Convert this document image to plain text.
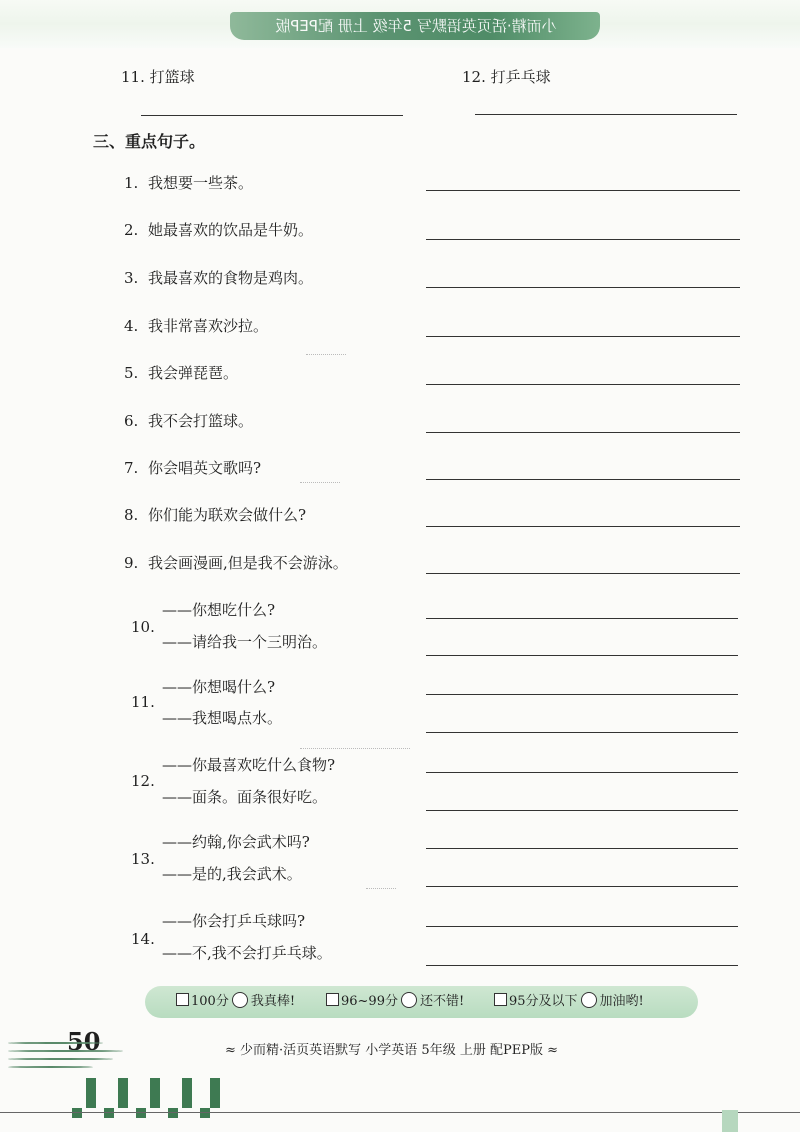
小而精·活页英语默写 5年级 上册 配PEP版
11. 打篮球	12. 打乒乓球
三、重点句子。
1. 我想要一些茶。
2. 她最喜欢的饮品是牛奶。
3. 我最喜欢的食物是鸡肉。
4. 我非常喜欢沙拉。
5. 我会弹琵琶。
6. 我不会打篮球。
7. 你会唱英文歌吗?
8. 你们能为联欢会做什么?
9. 我会画漫画,但是我不会游泳。
10.
——你想吃什么?
——请给我一个三明治。
11.
——你想喝什么?
——我想喝点水。
12.
——你最喜欢吃什么食物?
——面条。面条很好吃。
13.
——约翰,你会武术吗?
——是的,我会武术。
14.
——你会打乒乓球吗?
——不,我不会打乒乓球。
100分 我真棒!	96~99分 还不错!	95分及以下 加油哟!
50	≈ 少而精·活页英语默写 小学英语 5年级 上册 配PEP版 ≈
